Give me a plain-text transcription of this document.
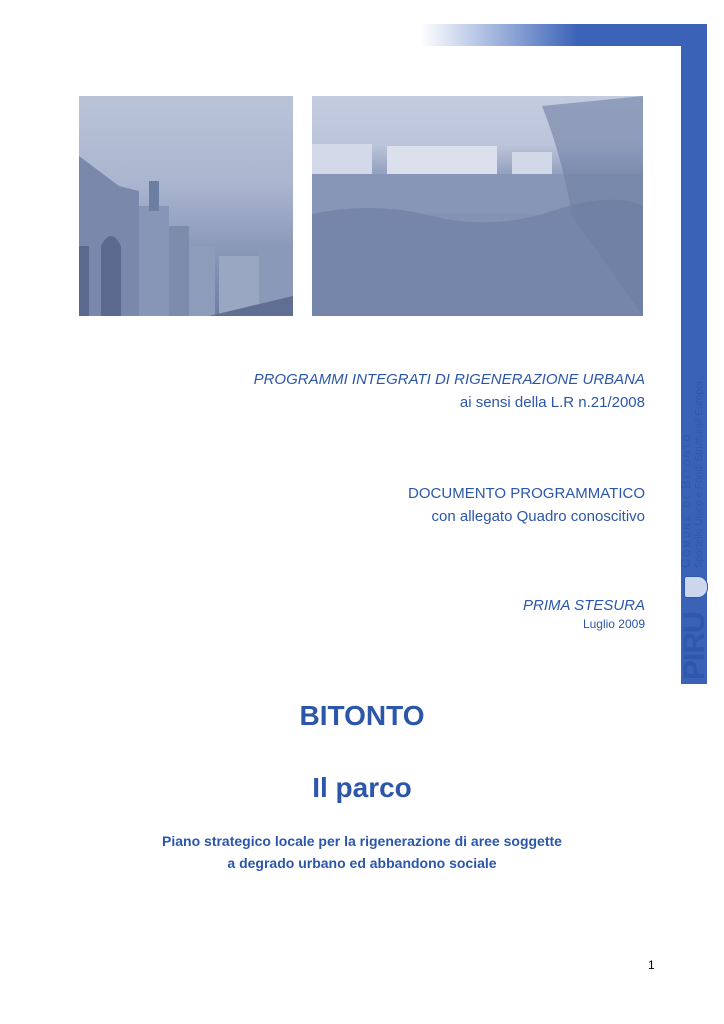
PIRU
Comune di Bitonto Sportello Unico e Fondi Strutturali Europei
PROGRAMMI INTEGRATI DI RIGENERAZIONE URBANA
ai sensi della L.R n.21/2008
DOCUMENTO PROGRAMMATICO
con allegato Quadro conoscitivo
PRIMA STESURA
Luglio 2009
BITONTO
Il parco
Piano strategico locale per la rigenerazione di aree soggette
a degrado urbano ed abbandono sociale
1
